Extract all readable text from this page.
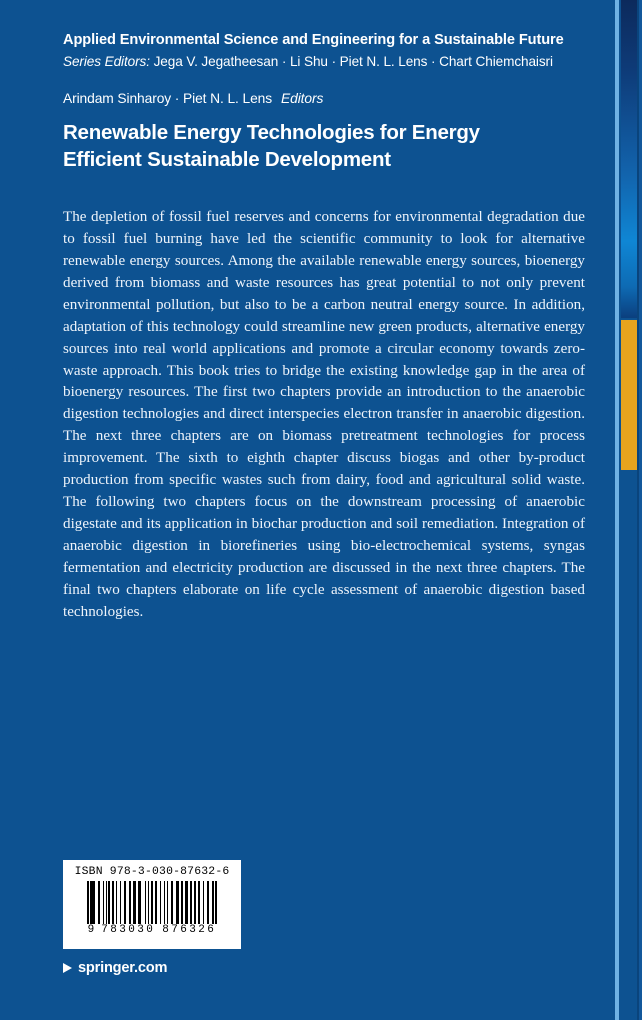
Applied Environmental Science and Engineering for a Sustainable Future
Series Editors: Jega V. Jegatheesan · Li Shu · Piet N. L. Lens · Chart Chiemchaisri
Arindam Sinharoy · Piet N. L. Lens Editors
Renewable Energy Technologies for Energy Efficient Sustainable Development
The depletion of fossil fuel reserves and concerns for environmental degradation due to fossil fuel burning have led the scientific community to look for alternative renewable energy sources. Among the available renewable energy sources, bioenergy derived from biomass and waste resources has great potential to not only prevent environmental pollution, but also to be a carbon neutral energy source. In addition, adaptation of this technology could streamline new green products, alternative energy sources into real world applications and promote a circular economy towards zero-waste approach. This book tries to bridge the existing knowledge gap in the area of bioenergy resources. The first two chapters provide an introduction to the anaerobic digestion technologies and direct interspecies electron transfer in anaerobic digestion. The next three chapters are on biomass pretreatment technologies for process improvement. The sixth to eighth chapter discuss biogas and other by-product production from specific wastes such from dairy, food and agricultural solid waste. The following two chapters focus on the downstream processing of anaerobic digestate and its application in biochar production and soil remediation. Integration of anaerobic digestion in biorefineries using bio-electrochemical systems, syngas fermentation and electricity production are discussed in the next three chapters. The final two chapters elaborate on life cycle assessment of anaerobic digestion based technologies.
ISBN 978-3-030-87632-6
9 783030 876326
springer.com
